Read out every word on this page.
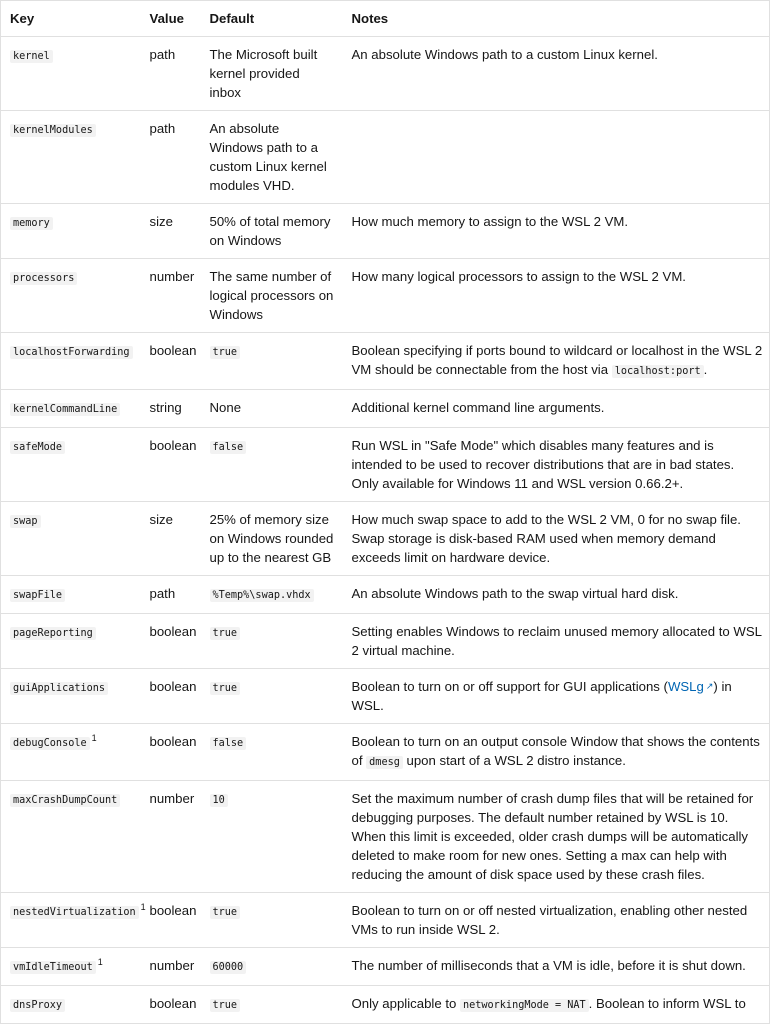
Key	Value	Default	Notes
kernel	path	The Microsoft built kernel provided inbox	An absolute Windows path to a custom Linux kernel.
kernelModules	path	An absolute Windows path to a custom Linux kernel modules VHD.	
memory	size	50% of total memory on Windows	How much memory to assign to the WSL 2 VM.
processors	number	The same number of logical processors on Windows	How many logical processors to assign to the WSL 2 VM.
localhostForwarding	boolean	true	Boolean specifying if ports bound to wildcard or localhost in the WSL 2 VM should be connectable from the host via localhost:port .
kernelCommandLine	string	None	Additional kernel command line arguments.
safeMode	boolean	false	Run WSL in "Safe Mode" which disables many features and is intended to be used to recover distributions that are in bad states. Only available for Windows 11 and WSL version 0.66.2+.
swap	size	25% of memory size on Windows rounded up to the nearest GB	How much swap space to add to the WSL 2 VM, 0 for no swap file. Swap storage is disk-based RAM used when memory demand exceeds limit on hardware device.
swapFile	path	%Temp%\swap.vhdx	An absolute Windows path to the swap virtual hard disk.
pageReporting	boolean	true	Setting enables Windows to reclaim unused memory allocated to WSL 2 virtual machine.
guiApplications	boolean	true	Boolean to turn on or off support for GUI applications (WSLg ↗) in WSL.
debugConsole$^1$	boolean	false	Boolean to turn on an output console Window that shows the contents of dmesg upon start of a WSL 2 distro instance.
maxCrashDumpCount	number	10	Set the maximum number of crash dump files that will be retained for debugging purposes. The default number retained by WSL is 10. When this limit is exceeded, older crash dumps will be automatically deleted to make room for new ones. Setting a max can help with reducing the amount of disk space used by these crash files.
nestedVirtualization$^1$	boolean	true	Boolean to turn on or off nested virtualization, enabling other nested VMs to run inside WSL 2.
vmIdleTimeout$^1$	number	60000	The number of milliseconds that a VM is idle, before it is shut down.
dnsProxy	boolean	true	Only applicable to networkingMode = NAT . Boolean to inform WSL to
